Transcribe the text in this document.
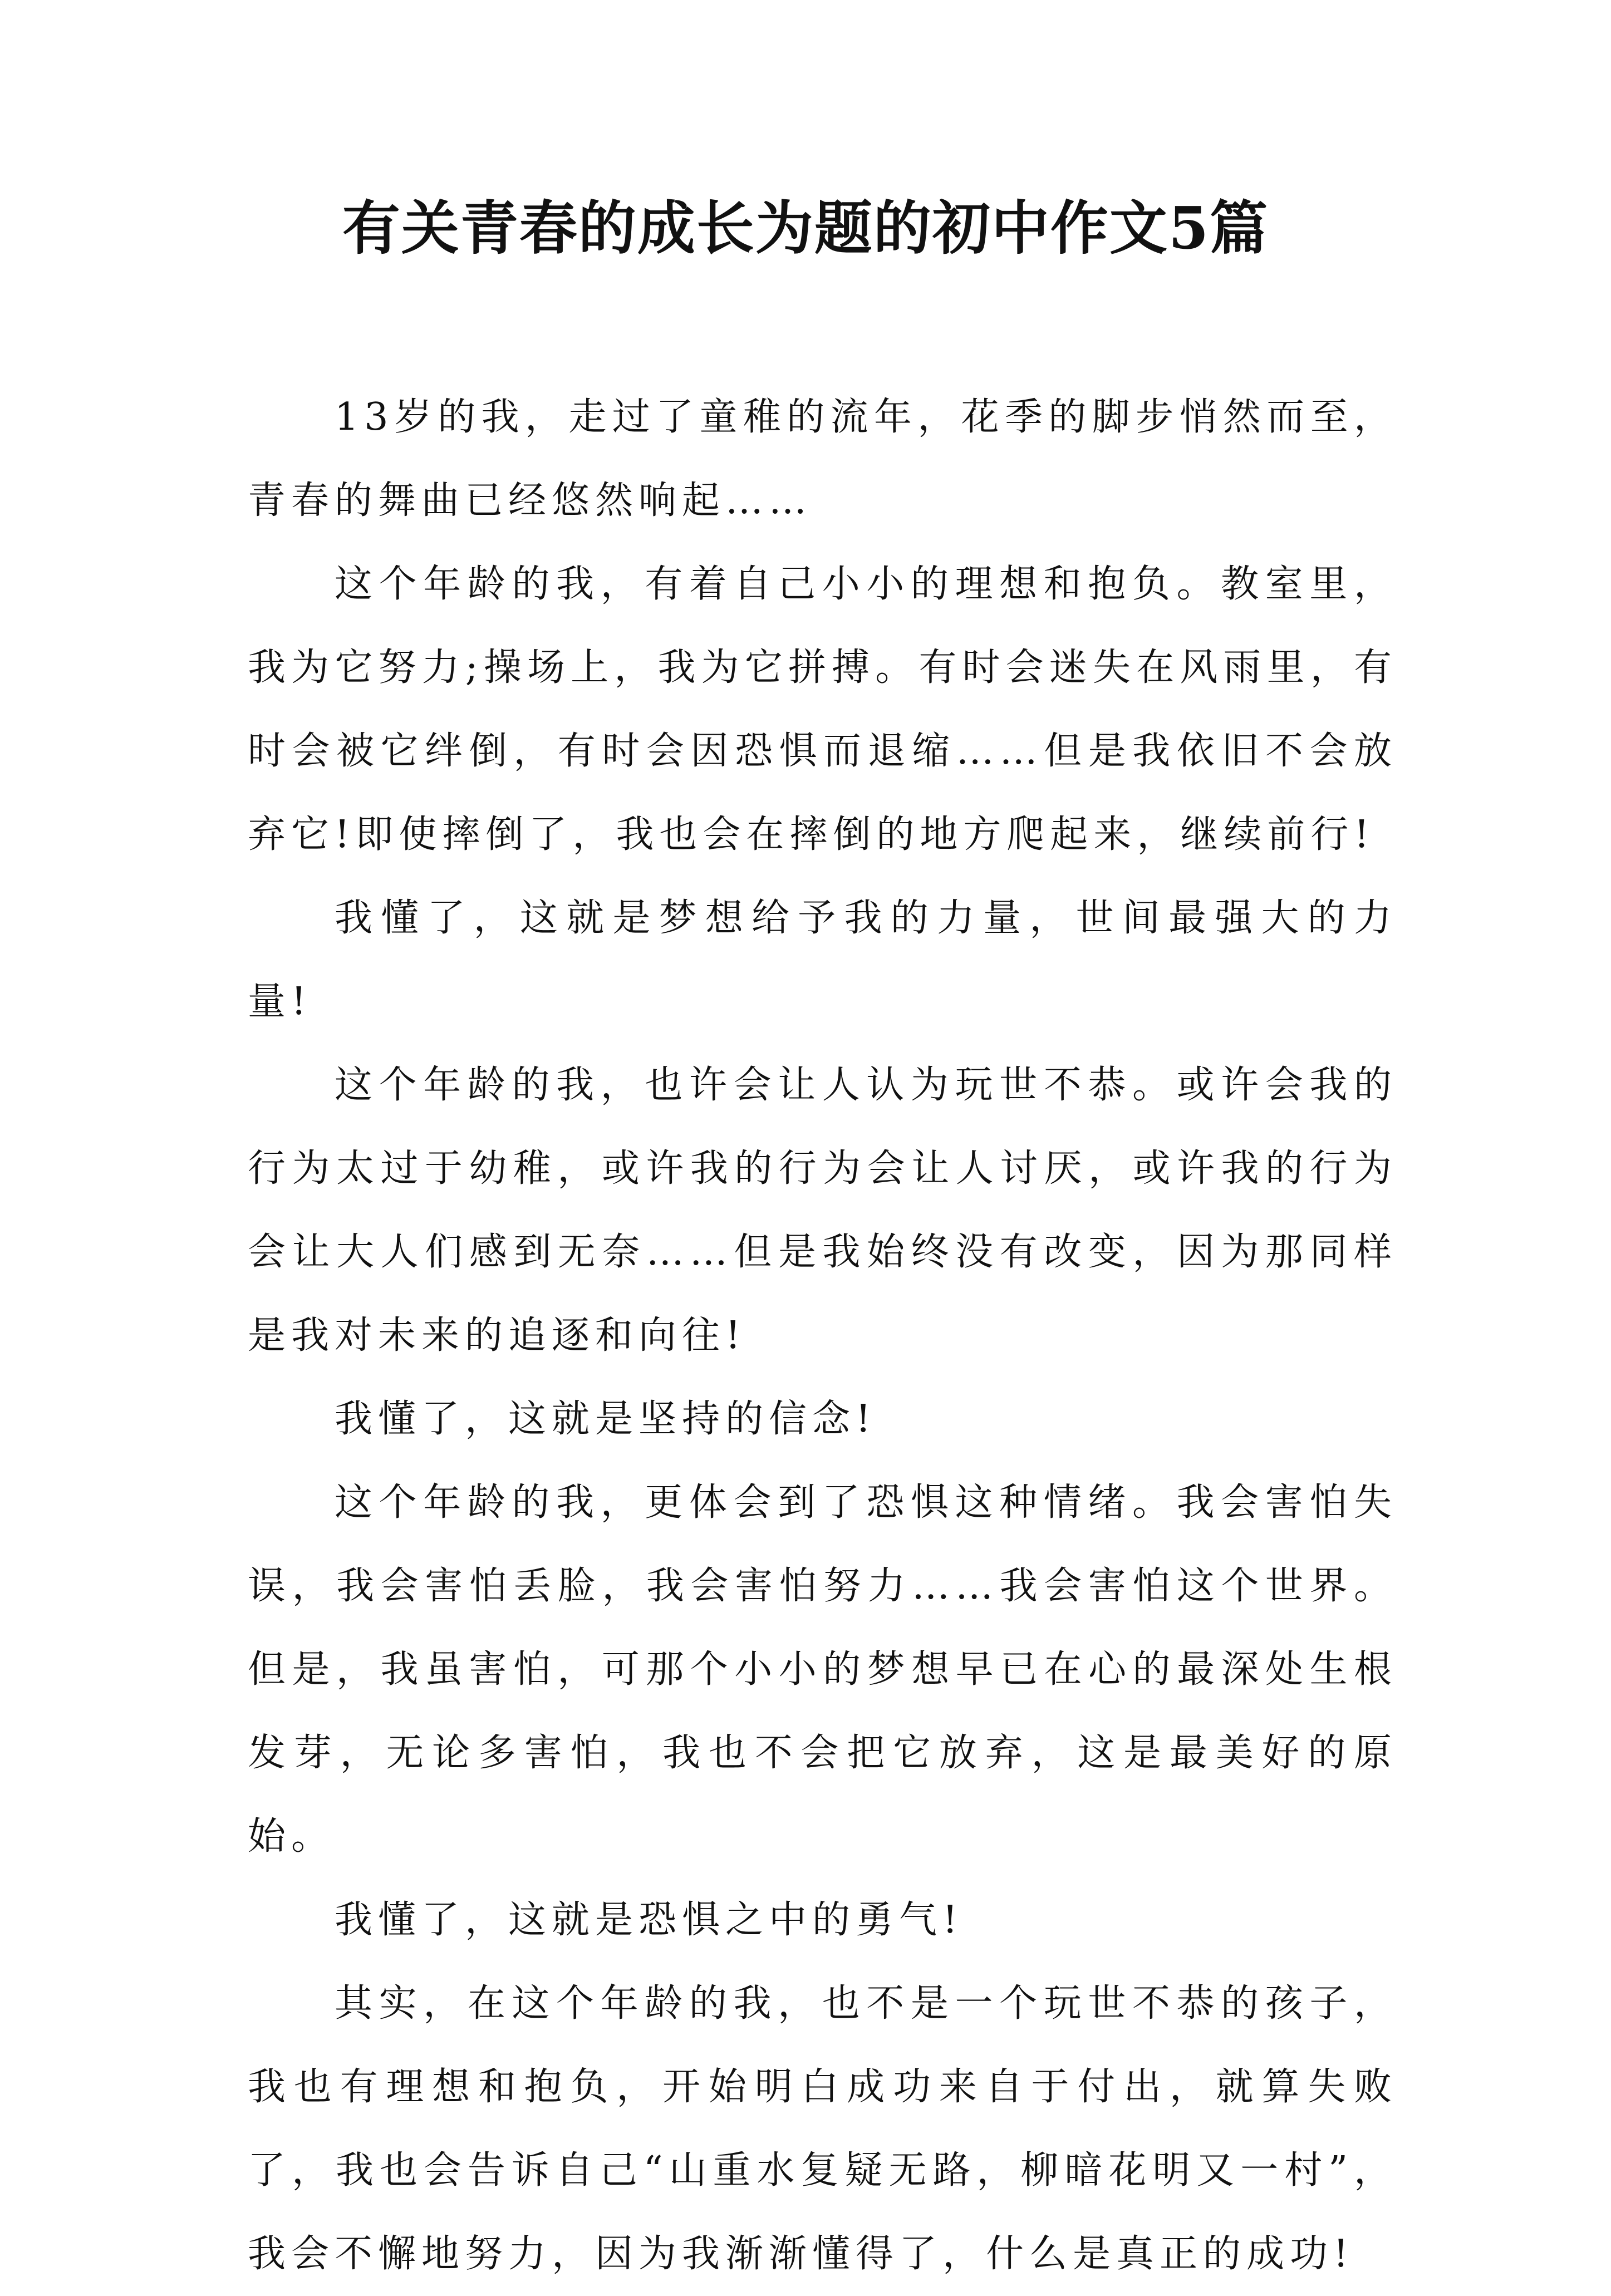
有关青春的成长为题的初中作文5篇

13岁的我，走过了童稚的流年，花季的脚步悄然而至，青春的舞曲已经悠然响起……

这个年龄的我，有着自己小小的理想和抱负。教室里，我为它努力;操场上，我为它拼搏。有时会迷失在风雨里，有时会被它绊倒，有时会因恐惧而退缩……但是我依旧不会放弃它!即使摔倒了，我也会在摔倒的地方爬起来，继续前行!

我懂了，这就是梦想给予我的力量，世间最强大的力量!

这个年龄的我，也许会让人认为玩世不恭。或许会我的行为太过于幼稚，或许我的行为会让人讨厌，或许我的行为会让大人们感到无奈……但是我始终没有改变，因为那同样是我对未来的追逐和向往!

我懂了，这就是坚持的信念!

这个年龄的我，更体会到了恐惧这种情绪。我会害怕失误，我会害怕丢脸，我会害怕努力……我会害怕这个世界。但是，我虽害怕，可那个小小的梦想早已在心的最深处生根发芽，无论多害怕，我也不会把它放弃，这是最美好的原始。

我懂了，这就是恐惧之中的勇气!

其实，在这个年龄的我，也不是一个玩世不恭的孩子，我也有理想和抱负，开始明白成功来自于付出，就算失败了，我也会告诉自己“山重水复疑无路，柳暗花明又一村”，我会不懈地努力，因为我渐渐懂得了，什么是真正的成功!
